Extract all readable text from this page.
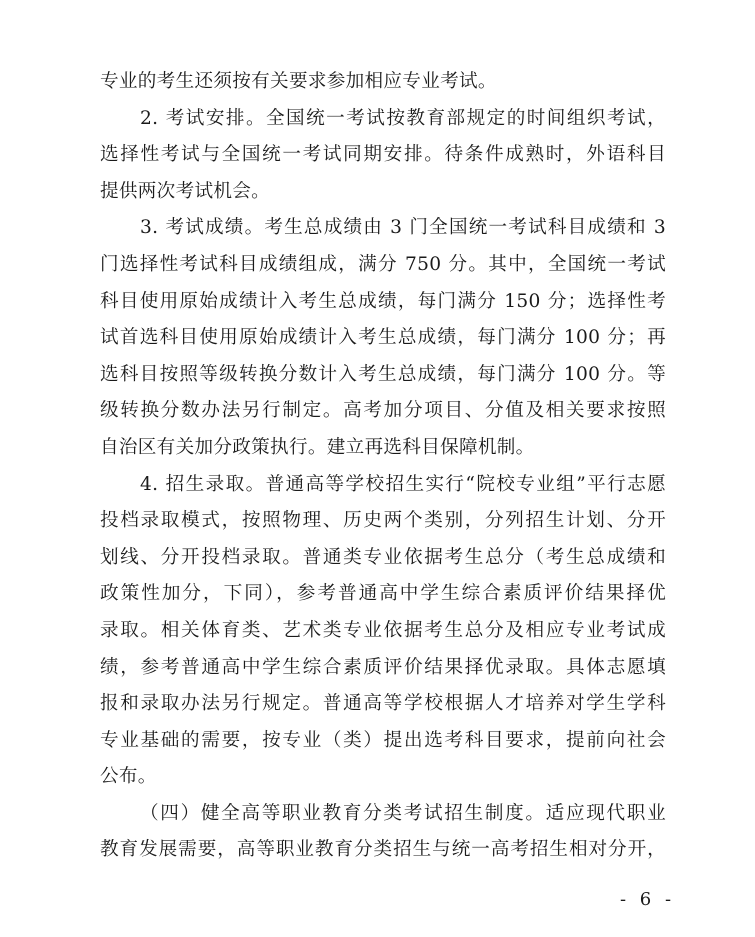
专业的考生还须按有关要求参加相应专业考试。
2. 考试安排。全国统一考试按教育部规定的时间组织考试，
选择性考试与全国统一考试同期安排。待条件成熟时，外语科目
提供两次考试机会。
3. 考试成绩。考生总成绩由 3 门全国统一考试科目成绩和 3
门选择性考试科目成绩组成，满分 750 分。其中，全国统一考试
科目使用原始成绩计入考生总成绩，每门满分 150 分；选择性考
试首选科目使用原始成绩计入考生总成绩，每门满分 100 分；再
选科目按照等级转换分数计入考生总成绩，每门满分 100 分。等
级转换分数办法另行制定。高考加分项目、分值及相关要求按照
自治区有关加分政策执行。建立再选科目保障机制。
4. 招生录取。普通高等学校招生实行“院校专业组”平行志愿
投档录取模式，按照物理、历史两个类别，分列招生计划、分开
划线、分开投档录取。普通类专业依据考生总分（考生总成绩和
政策性加分，下同），参考普通高中学生综合素质评价结果择优
录取。相关体育类、艺术类专业依据考生总分及相应专业考试成
绩，参考普通高中学生综合素质评价结果择优录取。具体志愿填
报和录取办法另行规定。普通高等学校根据人才培养对学生学科
专业基础的需要，按专业（类）提出选考科目要求，提前向社会
公布。
（四）健全高等职业教育分类考试招生制度。适应现代职业
教育发展需要，高等职业教育分类招生与统一高考招生相对分开，
- 6 -
